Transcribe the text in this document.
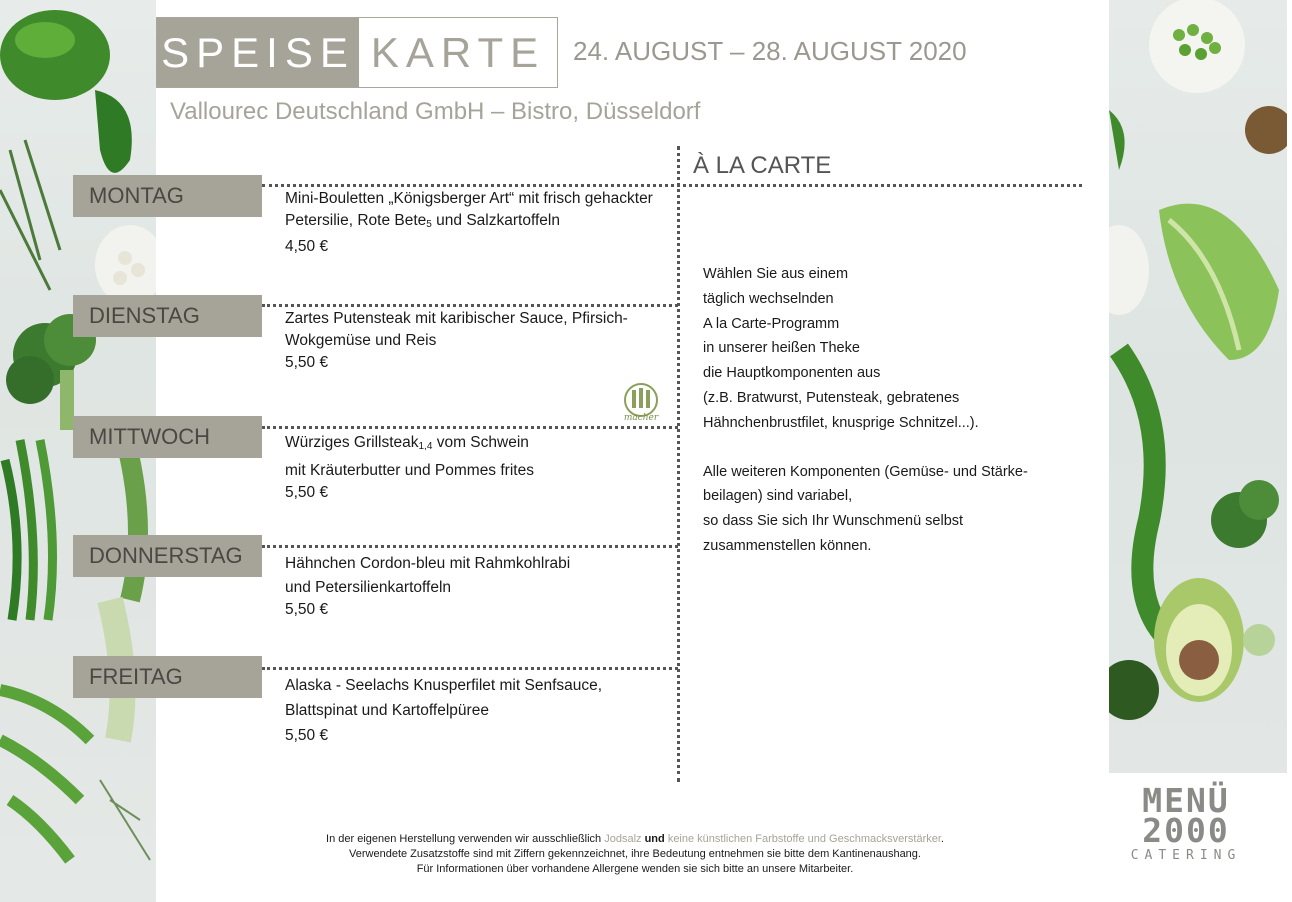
SPEISE KARTE	24. AUGUST – 28. AUGUST 2020
Vallourec Deutschland GmbH – Bistro, Düsseldorf
À LA CARTE
MONTAG
DIENSTAG
MITTWOCH
DONNERSTAG
FREITAG
Mini-Bouletten „Königsberger Art“ mit frisch gehackter
Petersilie, Rote Bete$_5$ und Salzkartoffeln
4,50 €
Zartes Putensteak mit karibischer Sauce, Pfirsich-
Wokgemüse und Reis
5,50 €
Würziges Grillsteak$_{1,4}$ vom Schwein
mit Kräuterbutter und Pommes frites
5,50 €
Hähnchen Cordon-bleu mit Rahmkohlrabi
und Petersilienkartoffeln
5,50 €
Alaska - Seelachs Knusperfilet mit Senfsauce,
Blattspinat und Kartoffelpüree
5,50 €
macher

Wählen Sie aus einem

täglich wechselnden

A la Carte-Programm

in unserer heißen Theke

die Hauptkomponenten aus

(z.B. Bratwurst, Putensteak, gebratenes

Hähnchenbrustfilet, knusprige Schnitzel...).

Alle weiteren Komponenten (Gemüse- und Stärke-

beilagen) sind variabel,

so dass Sie sich Ihr Wunschmenü selbst

zusammenstellen können.

In der eigenen Herstellung verwenden wir ausschließlich Jodsalz und keine künstlichen Farbstoffe und Geschmacksverstärker.
Verwendete Zusatzstoffe sind mit Ziffern gekennzeichnet, ihre Bedeutung entnehmen sie bitte dem Kantinenaushang.
Für Informationen über vorhandene Allergene wenden sie sich bitte an unsere Mitarbeiter.
MENÜ
2000
CATERING
